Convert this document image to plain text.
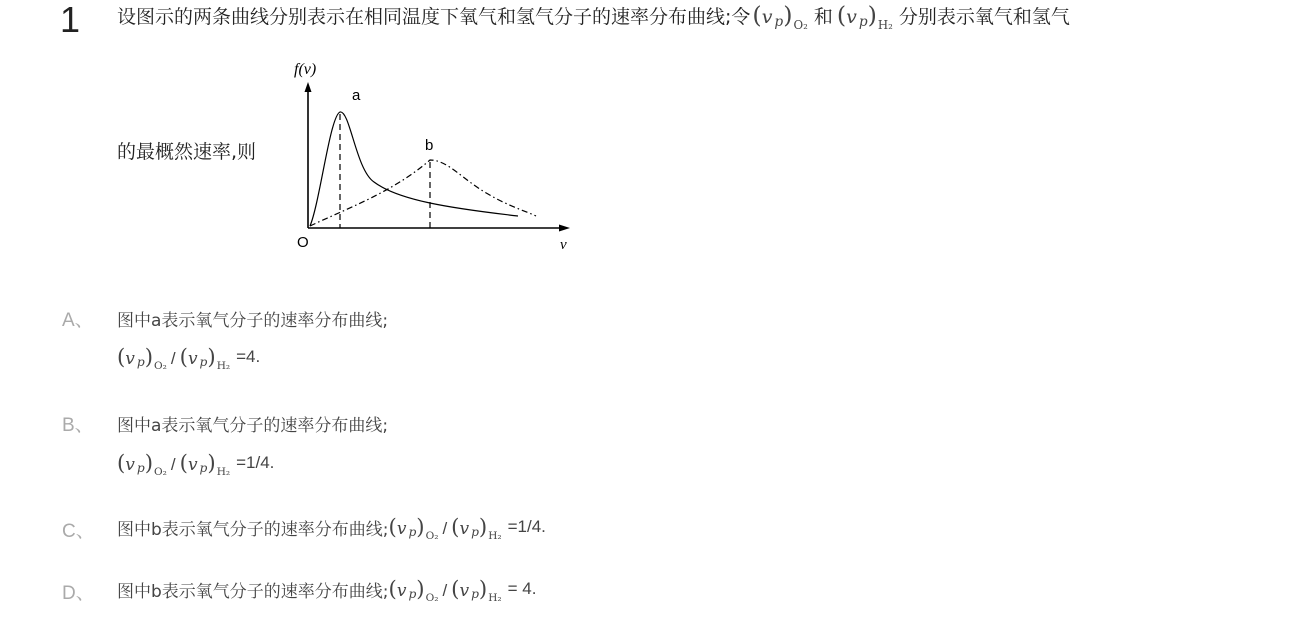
1 设图示的两条曲线分别表示在相同温度下氧气和氢气分子的速率分布曲线;令 ( v p ) O₂ 和 ( v p ) H₂ 分别表示氧气和氢气
的最概然速率,则
f(v)
v
O
a
b
A、 图中a表示氧气分子的速率分布曲线;
( v p ) O₂ / ( v p ) H₂
=4.
B、 图中a表示氧气分子的速率分布曲线;
( v p ) O₂ / ( v p ) H₂
=1/4.
C、 图中b表示氧气分子的速率分布曲线; ( v p ) O₂ / ( v p ) H₂
=1/4.
D、 图中b表示氧气分子的速率分布曲线; ( v p ) O₂ / ( v p ) H₂
= 4.
